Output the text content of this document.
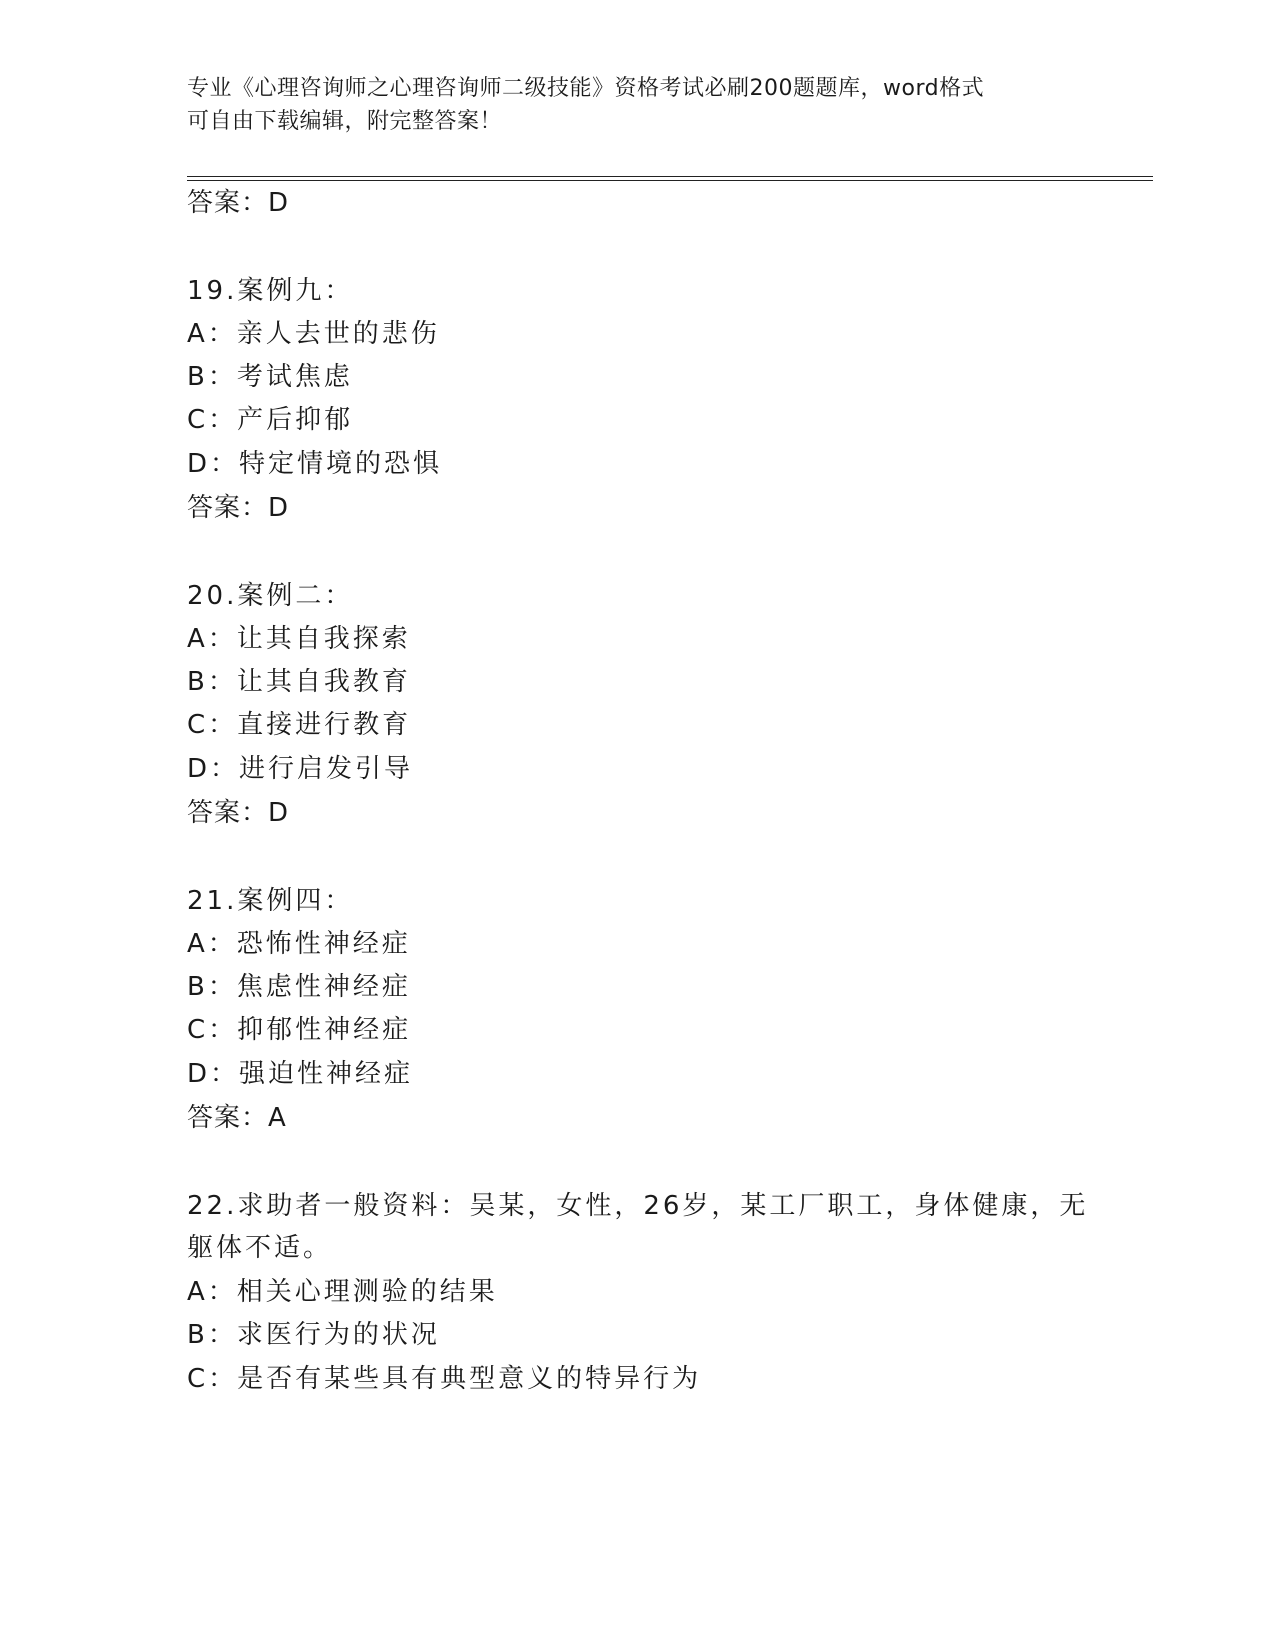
专业《心理咨询师之心理咨询师二级技能》资格考试必刷200题题库，word格式
可自由下载编辑，附完整答案！
答案：D
19.案例九：
A：亲人去世的悲伤
B：考试焦虑
C：产后抑郁
D：特定情境的恐惧
答案：D
20.案例二：
A：让其自我探索
B：让其自我教育
C：直接进行教育
D：进行启发引导
答案：D
21.案例四：
A：恐怖性神经症
B：焦虑性神经症
C：抑郁性神经症
D：强迫性神经症
答案：A
22.求助者一般资料：吴某，女性，26岁，某工厂职工，身体健康，无
躯体不适。
A：相关心理测验的结果
B：求医行为的状况
C：是否有某些具有典型意义的特异行为
